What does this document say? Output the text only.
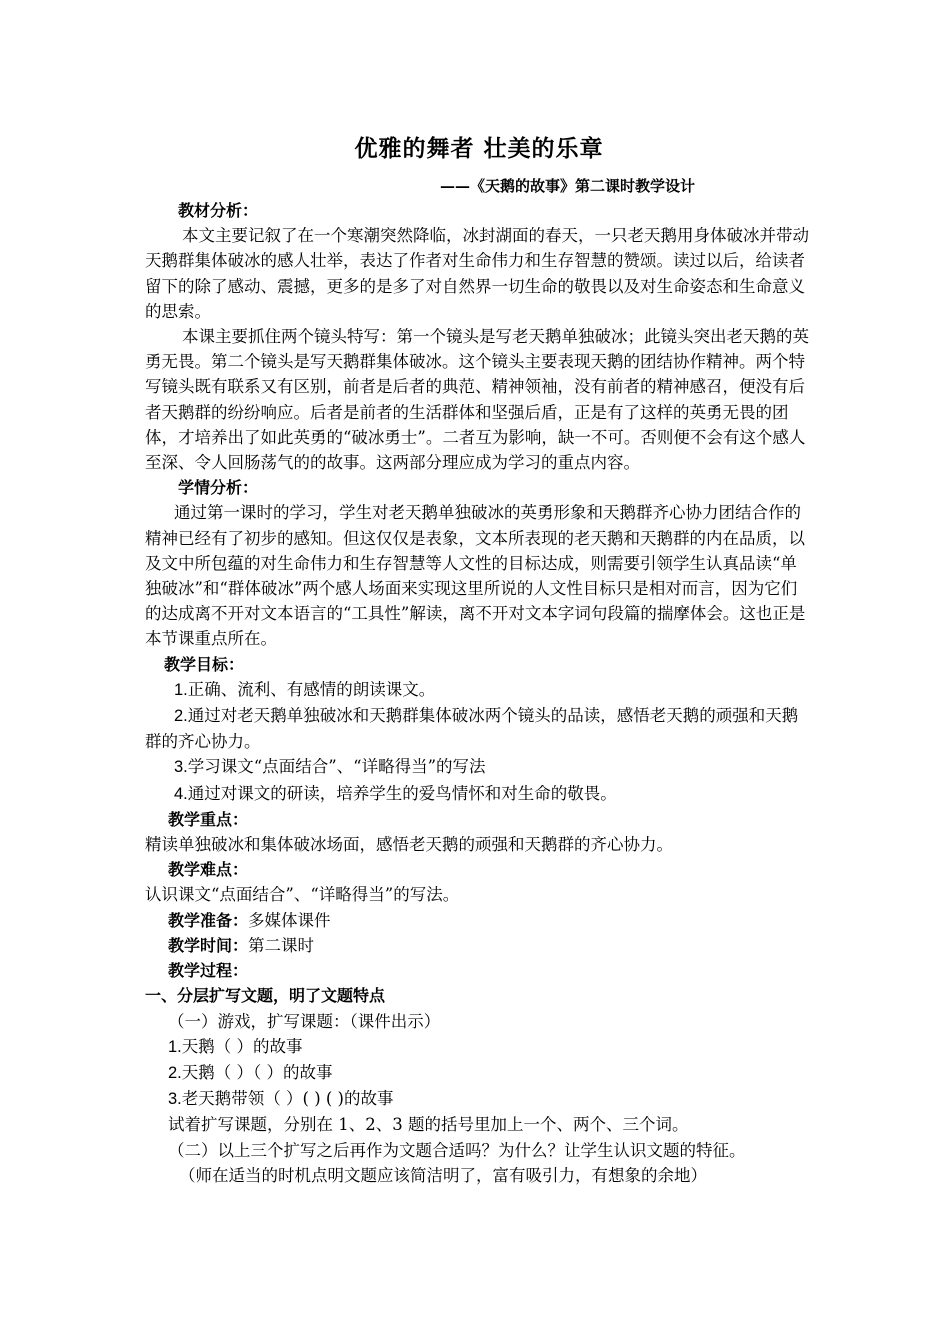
优雅的舞者 壮美的乐章
——《天鹅的故事》第二课时教学设计

教材分析：

本文主要记叙了在一个寒潮突然降临，冰封湖面的春天，一只老天鹅用身体破冰并带动天鹅群集体破冰的感人壮举，表达了作者对生命伟力和生存智慧的赞颂。读过以后，给读者留下的除了感动、震撼，更多的是多了对自然界一切生命的敬畏以及对生命姿态和生命意义的思索。

本课主要抓住两个镜头特写：第一个镜头是写老天鹅单独破冰；此镜头突出老天鹅的英勇无畏。第二个镜头是写天鹅群集体破冰。这个镜头主要表现天鹅的团结协作精神。两个特写镜头既有联系又有区别，前者是后者的典范、精神领袖，没有前者的精神感召，便没有后者天鹅群的纷纷响应。后者是前者的生活群体和坚强后盾，正是有了这样的英勇无畏的团体，才培养出了如此英勇的“破冰勇士”。二者互为影响，缺一不可。否则便不会有这个感人至深、令人回肠荡气的的故事。这两部分理应成为学习的重点内容。

学情分析：

通过第一课时的学习，学生对老天鹅单独破冰的英勇形象和天鹅群齐心协力团结合作的精神已经有了初步的感知。但这仅仅是表象，文本所表现的老天鹅和天鹅群的内在品质，以及文中所包蕴的对生命伟力和生存智慧等人文性的目标达成，则需要引领学生认真品读“单独破冰”和“群体破冰”两个感人场面来实现这里所说的人文性目标只是相对而言，因为它们的达成离不开对文本语言的“工具性”解读，离不开对文本字词句段篇的揣摩体会。这也正是本节课重点所在。

教学目标：

1.正确、流利、有感情的朗读课文。

2.通过对老天鹅单独破冰和天鹅群集体破冰两个镜头的品读，感悟老天鹅的顽强和天鹅群的齐心协力。

3.学习课文“点面结合”、“详略得当”的写法

4.通过对课文的研读，培养学生的爱鸟情怀和对生命的敬畏。

教学重点：

精读单独破冰和集体破冰场面，感悟老天鹅的顽强和天鹅群的齐心协力。

教学难点：

认识课文“点面结合”、“详略得当”的写法。

教学准备：多媒体课件

教学时间：第二课时

教学过程：

一、分层扩写文题，明了文题特点

（一）游戏，扩写课题：（课件出示）

1.天鹅（ ）的故事

2.天鹅（ ）（ ）的故事

3.老天鹅带领（ ）( ) ( )的故事

试着扩写课题，分别在 1、2、3 题的括号里加上一个、两个、三个词。

（二）以上三个扩写之后再作为文题合适吗？为什么？让学生认识文题的特征。

（师在适当的时机点明文题应该简洁明了，富有吸引力，有想象的余地）
